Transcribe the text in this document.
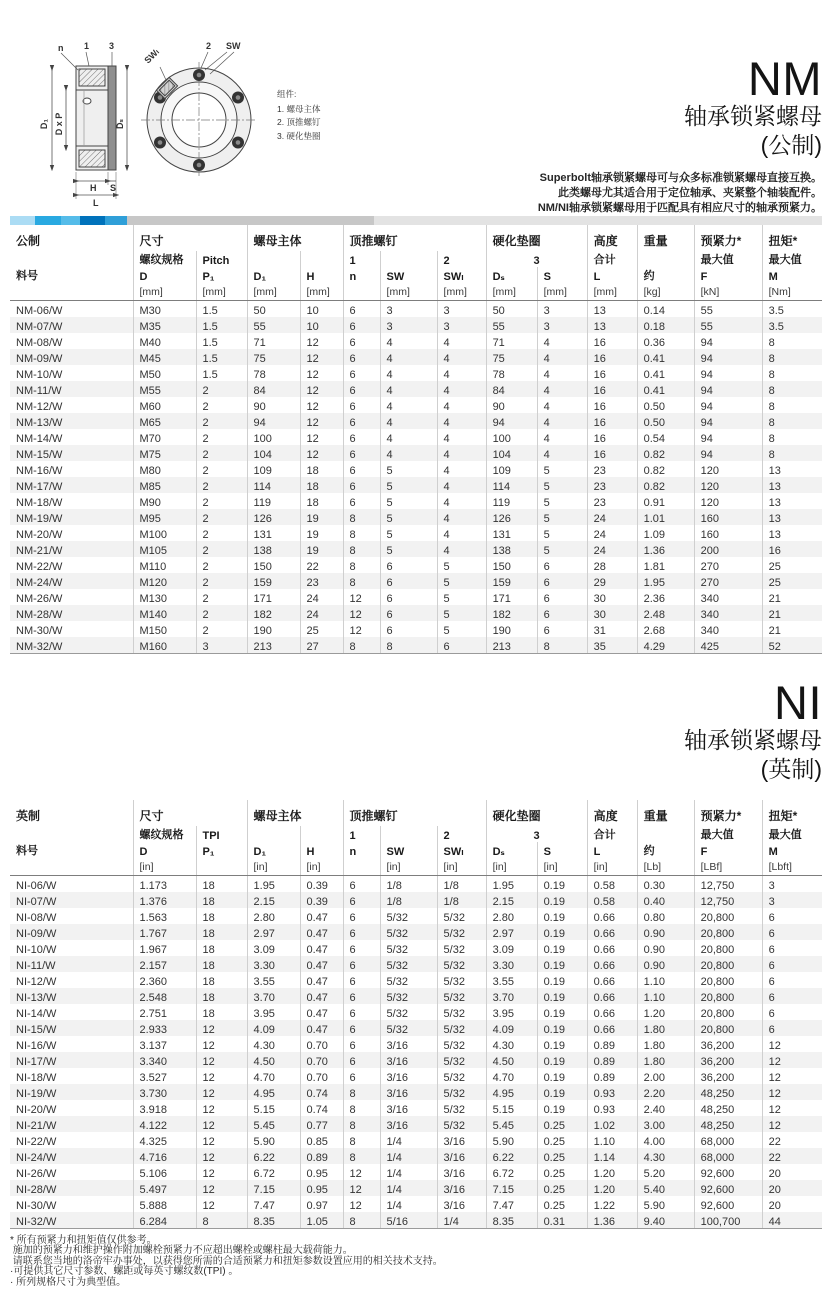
n 1 3
D₁ D x P	Dₛ
H S
L
SWₗ
2 SW
组件:
1. 螺母主体
2. 顶推螺钉
3. 硬化垫圈
NM
轴承锁紧螺母
(公制)
Superbolt轴承锁紧螺母可与众多标准锁紧螺母直接互换。
此类螺母尤其适合用于定位轴承、夹紧整个轴装配件。
NM/NI轴承锁紧螺母用于匹配具有相应尺寸的轴承预紧力。
公制	尺寸		螺母主体		顶推螺钉			硬化垫圈		高度	重量	预紧力*	扭矩*
	螺纹规格	Pitch			1		2	3		合计		最大值	最大值
料号	D	P₁	D₁	H	n	SW	SWₗ	Dₛ	S	L	约	F	M
	[mm]	[mm]	[mm]	[mm]		[mm]	[mm]	[mm]	[mm]	[mm]	[kg]	[kN]	[Nm]
NM-06/W	M30	1.5	50	10	6	3	3	50	3	13	0.14	55	3.5
NM-07/W	M35	1.5	55	10	6	3	3	55	3	13	0.18	55	3.5
NM-08/W	M40	1.5	71	12	6	4	4	71	4	16	0.36	94	8
NM-09/W	M45	1.5	75	12	6	4	4	75	4	16	0.41	94	8
NM-10/W	M50	1.5	78	12	6	4	4	78	4	16	0.41	94	8
NM-11/W	M55	2	84	12	6	4	4	84	4	16	0.41	94	8
NM-12/W	M60	2	90	12	6	4	4	90	4	16	0.50	94	8
NM-13/W	M65	2	94	12	6	4	4	94	4	16	0.50	94	8
NM-14/W	M70	2	100	12	6	4	4	100	4	16	0.54	94	8
NM-15/W	M75	2	104	12	6	4	4	104	4	16	0.82	94	8
NM-16/W	M80	2	109	18	6	5	4	109	5	23	0.82	120	13
NM-17/W	M85	2	114	18	6	5	4	114	5	23	0.82	120	13
NM-18/W	M90	2	119	18	6	5	4	119	5	23	0.91	120	13
NM-19/W	M95	2	126	19	8	5	4	126	5	24	1.01	160	13
NM-20/W	M100	2	131	19	8	5	4	131	5	24	1.09	160	13
NM-21/W	M105	2	138	19	8	5	4	138	5	24	1.36	200	16
NM-22/W	M110	2	150	22	8	6	5	150	6	28	1.81	270	25
NM-24/W	M120	2	159	23	8	6	5	159	6	29	1.95	270	25
NM-26/W	M130	2	171	24	12	6	5	171	6	30	2.36	340	21
NM-28/W	M140	2	182	24	12	6	5	182	6	30	2.48	340	21
NM-30/W	M150	2	190	25	12	6	5	190	6	31	2.68	340	21
NM-32/W	M160	3	213	27	8	8	6	213	8	35	4.29	425	52
NI
轴承锁紧螺母
(英制)
英制	尺寸		螺母主体		顶推螺钉			硬化垫圈		高度	重量	预紧力*	扭矩*
	螺纹规格	TPI			1		2	3		合计		最大值	最大值
料号	D	P₁	D₁	H	n	SW	SWₗ	Dₛ	S	L	约	F	M
	[in]		[in]	[in]		[in]	[in]	[in]	[in]	[in]	[Lb]	[LBf]	[Lbft]
NI-06/W	1.173	18	1.95	0.39	6	1/8	1/8	1.95	0.19	0.58	0.30	12,750	3
NI-07/W	1.376	18	2.15	0.39	6	1/8	1/8	2.15	0.19	0.58	0.40	12,750	3
NI-08/W	1.563	18	2.80	0.47	6	5/32	5/32	2.80	0.19	0.66	0.80	20,800	6
NI-09/W	1.767	18	2.97	0.47	6	5/32	5/32	2.97	0.19	0.66	0.90	20,800	6
NI-10/W	1.967	18	3.09	0.47	6	5/32	5/32	3.09	0.19	0.66	0.90	20,800	6
NI-11/W	2.157	18	3.30	0.47	6	5/32	5/32	3.30	0.19	0.66	0.90	20,800	6
NI-12/W	2.360	18	3.55	0.47	6	5/32	5/32	3.55	0.19	0.66	1.10	20,800	6
NI-13/W	2.548	18	3.70	0.47	6	5/32	5/32	3.70	0.19	0.66	1.10	20,800	6
NI-14/W	2.751	18	3.95	0.47	6	5/32	5/32	3.95	0.19	0.66	1.20	20,800	6
NI-15/W	2.933	12	4.09	0.47	6	5/32	5/32	4.09	0.19	0.66	1.80	20,800	6
NI-16/W	3.137	12	4.30	0.70	6	3/16	5/32	4.30	0.19	0.89	1.80	36,200	12
NI-17/W	3.340	12	4.50	0.70	6	3/16	5/32	4.50	0.19	0.89	1.80	36,200	12
NI-18/W	3.527	12	4.70	0.70	6	3/16	5/32	4.70	0.19	0.89	2.00	36,200	12
NI-19/W	3.730	12	4.95	0.74	8	3/16	5/32	4.95	0.19	0.93	2.20	48,250	12
NI-20/W	3.918	12	5.15	0.74	8	3/16	5/32	5.15	0.19	0.93	2.40	48,250	12
NI-21/W	4.122	12	5.45	0.77	8	3/16	5/32	5.45	0.25	1.02	3.00	48,250	12
NI-22/W	4.325	12	5.90	0.85	8	1/4	3/16	5.90	0.25	1.10	4.00	68,000	22
NI-24/W	4.716	12	6.22	0.89	8	1/4	3/16	6.22	0.25	1.14	4.30	68,000	22
NI-26/W	5.106	12	6.72	0.95	12	1/4	3/16	6.72	0.25	1.20	5.20	92,600	20
NI-28/W	5.497	12	7.15	0.95	12	1/4	3/16	7.15	0.25	1.20	5.40	92,600	20
NI-30/W	5.888	12	7.47	0.97	12	1/4	3/16	7.47	0.25	1.22	5.90	92,600	20
NI-32/W	6.284	8	8.35	1.05	8	5/16	1/4	8.35	0.31	1.36	9.40	100,700	44
* 所有预紧力和扭矩值仅供参考。
施加的预紧力和维护操作附加螺栓预紧力不应超出螺栓或螺柱最大载荷能力。
请联系您当地的洛帝牢办事处，以获得您所需的合适预紧力和扭矩参数设置应用的相关技术支持。
·可提供其它尺寸参数、螺距或每英寸螺纹数(TPI) 。
· 所列规格尺寸为典型值。
